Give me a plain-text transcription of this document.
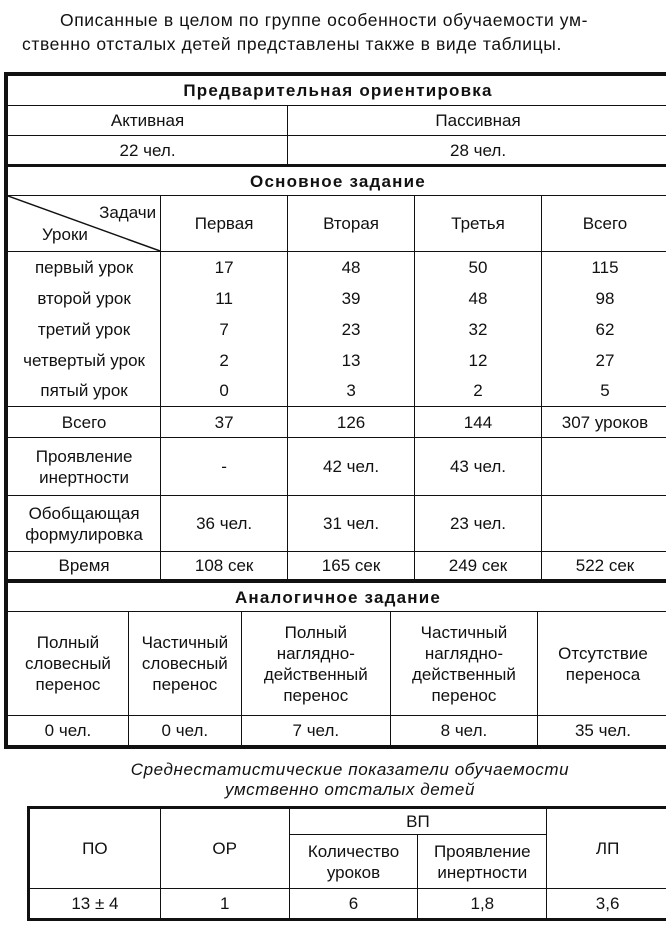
Описанные в целом по группе особенности обучаемости ум-
ственно отсталых детей представлены также в виде таблицы.
Предварительная ориентировка				
Активная		Пассивная		
22 чел.		28 чел.		
Основное задание				

Задачи
Уроки	Первая	Вторая	Третья	Всего
первый урок	17	48	50	115
второй урок	11	39	48	98
третий урок	7	23	32	62
четвертый урок	2	13	12	27
пятый урок	0	3	2	5
Всего	37	126	144	307 уроков
Проявление инертности	-	42 чел.	43 чел.	
Обобщающая формулировка	36 чел.	31 чел.	23 чел.	
Время	108 сек	165 сек	249 сек	522 сек
Аналогичное задание				
Полный словесный перенос	Частичный словесный перенос	Полный наглядно-действенный перенос	Частичный наглядно-действенный перенос	Отсутствие переноса
0 чел.	0 чел.	7 чел.	8 чел.	35 чел.
Среднестатистические показатели обучаемости
умственно отсталых детей
ПО	ОР	ВП		ЛП
		Количество уроков	Проявление инертности	
13 ± 4	1	6	1,8	3,6
